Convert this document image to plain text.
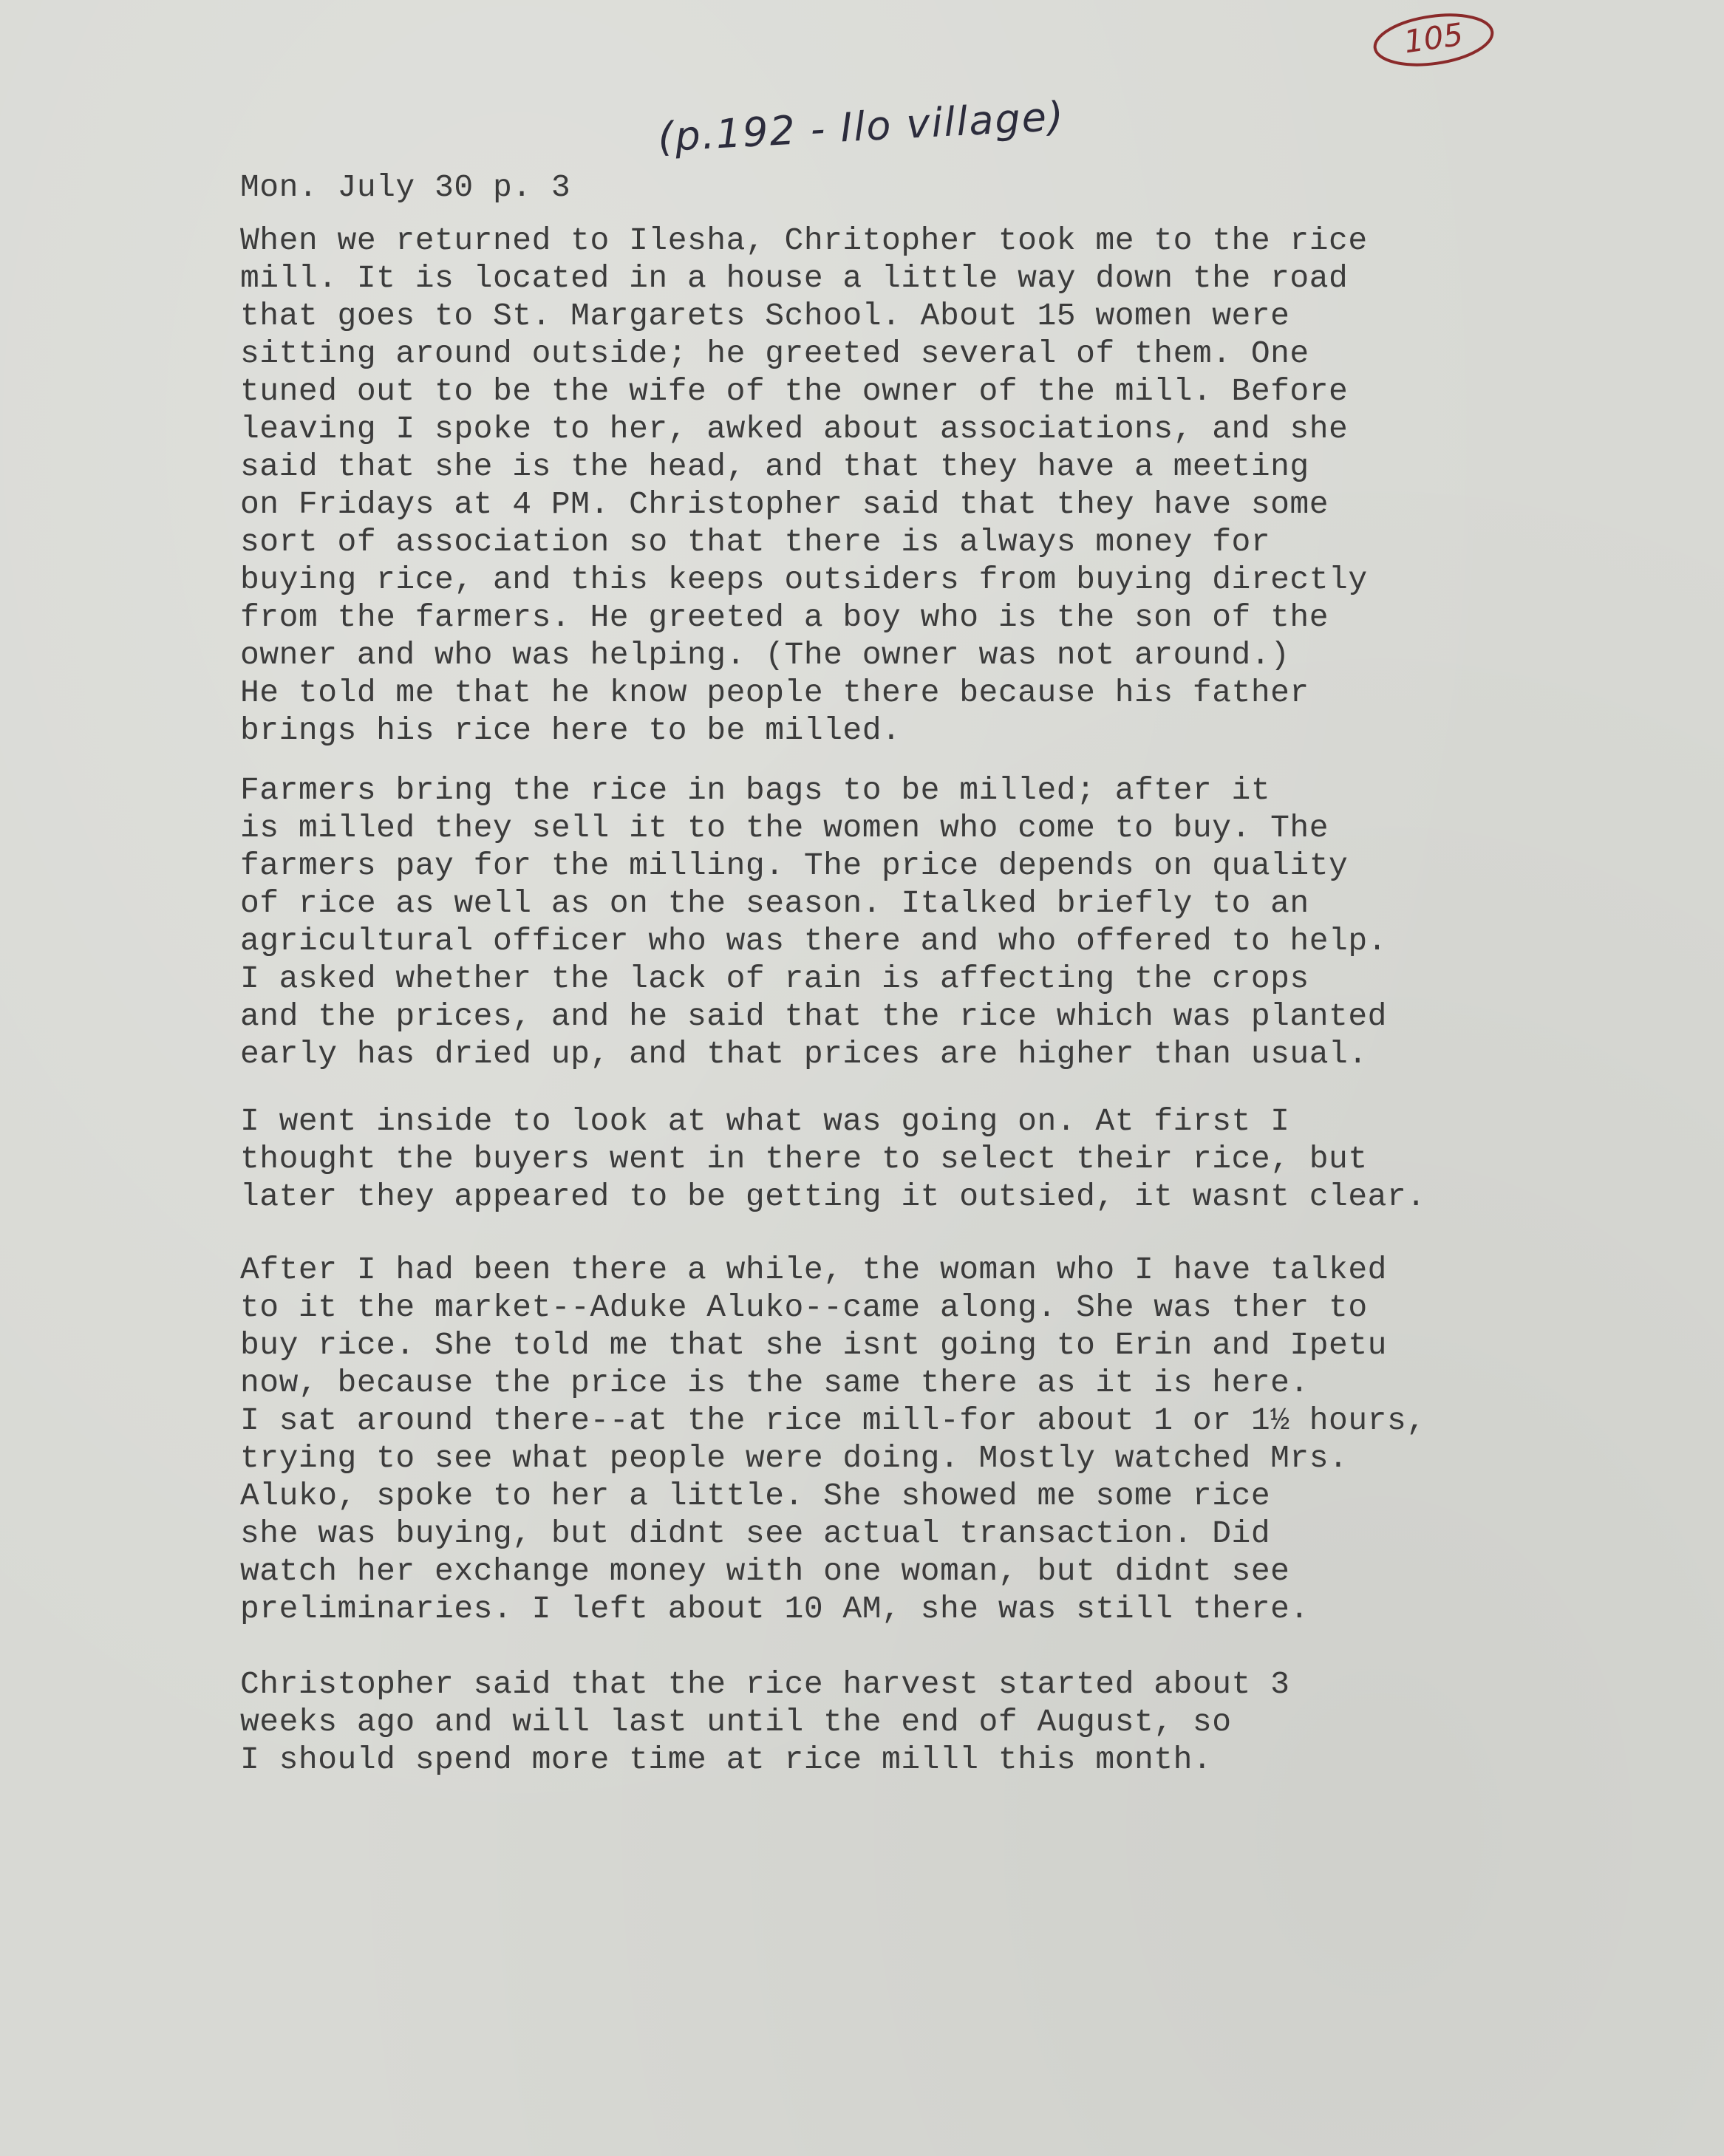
105
(p.192 - Ilo village)
Mon. July 30 p. 3
When we returned to Ilesha, Chritopher took me to the rice
mill. It is located in a house a little way down the road
that goes to St. Margarets School. About 15 women were
sitting around outside; he greeted several of them. One
tuned out to be the wife of the owner of the mill. Before
leaving I spoke to her, awked about associations, and she
said that she is the head, and that they have a meeting
on Fridays at 4 PM. Christopher said that they have some
sort of association so that there is always money for
buying rice, and this keeps outsiders from buying directly
from the farmers. He greeted a boy who is the son of the
owner and who was helping. (The owner was not around.)
He told me that he know people there because his father
brings his rice here to be milled.
Farmers bring the rice in bags to be milled; after it
is milled they sell it to the women who come to buy. The
farmers pay for the milling. The price depends on quality
of rice as well as on the season. Italked briefly to an
agricultural officer who was there and who offered to help.
I asked whether the lack of rain is affecting the crops
and the prices, and he said that the rice which was planted
early has dried up, and that prices are higher than usual.
I went inside to look at what was going on. At first I
thought the buyers went in there to select their rice, but
later they appeared to be getting it outsied, it wasnt clear.
After I had been there a while, the woman who I have talked
to it the market--Aduke Aluko--came along. She was ther to
buy rice. She told me that she isnt going to Erin and Ipetu
now, because the price is the same there as it is here.
I sat around there--at the rice mill-for about 1 or 1½ hours,
trying to see what people were doing. Mostly watched Mrs.
Aluko, spoke to her a little. She showed me some rice
she was buying, but didnt see actual transaction. Did
watch her exchange money with one woman, but didnt see
preliminaries. I left about 10 AM, she was still there.
Christopher said that the rice harvest started about 3
weeks ago and will last until the end of August, so
I should spend more time at rice milll this month.
